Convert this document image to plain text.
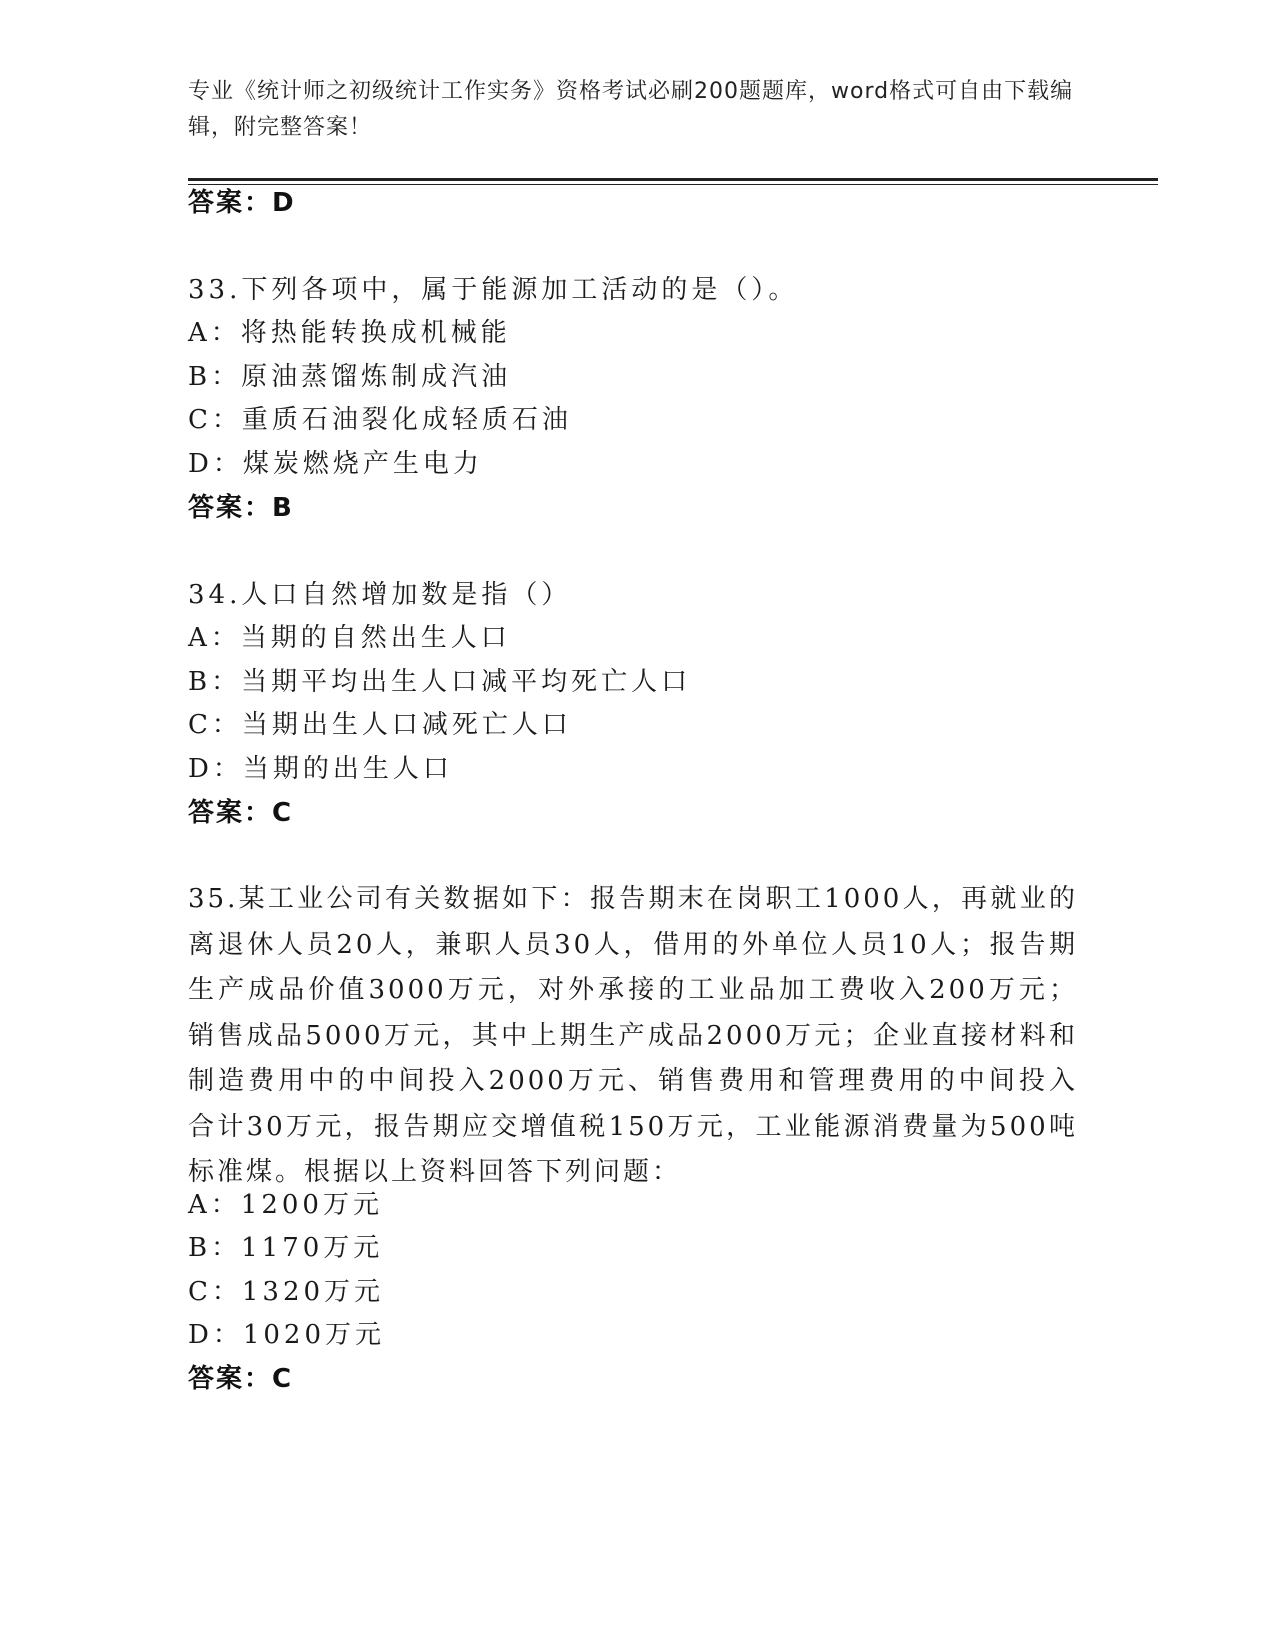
专业《统计师之初级统计工作实务》资格考试必刷200题题库，word格式可自由下载编辑，附完整答案！
答案：D
33.下列各项中，属于能源加工活动的是（）。
A：将热能转换成机械能
B：原油蒸馏炼制成汽油
C：重质石油裂化成轻质石油
D：煤炭燃烧产生电力
答案：B
34.人口自然增加数是指（）
A：当期的自然出生人口
B：当期平均出生人口减平均死亡人口
C：当期出生人口减死亡人口
D：当期的出生人口
答案：C
35.某工业公司有关数据如下：报告期末在岗职工1000人，再就业的离退休人员20人，兼职人员30人，借用的外单位人员10人；报告期生产成品价值3000万元，对外承接的工业品加工费收入200万元；销售成品5000万元，其中上期生产成品2000万元；企业直接材料和制造费用中的中间投入2000万元、销售费用和管理费用的中间投入合计30万元，报告期应交增值税150万元，工业能源消费量为500吨标准煤。根据以上资料回答下列问题：
A：1200万元
B：1170万元
C：1320万元
D：1020万元
答案：C
